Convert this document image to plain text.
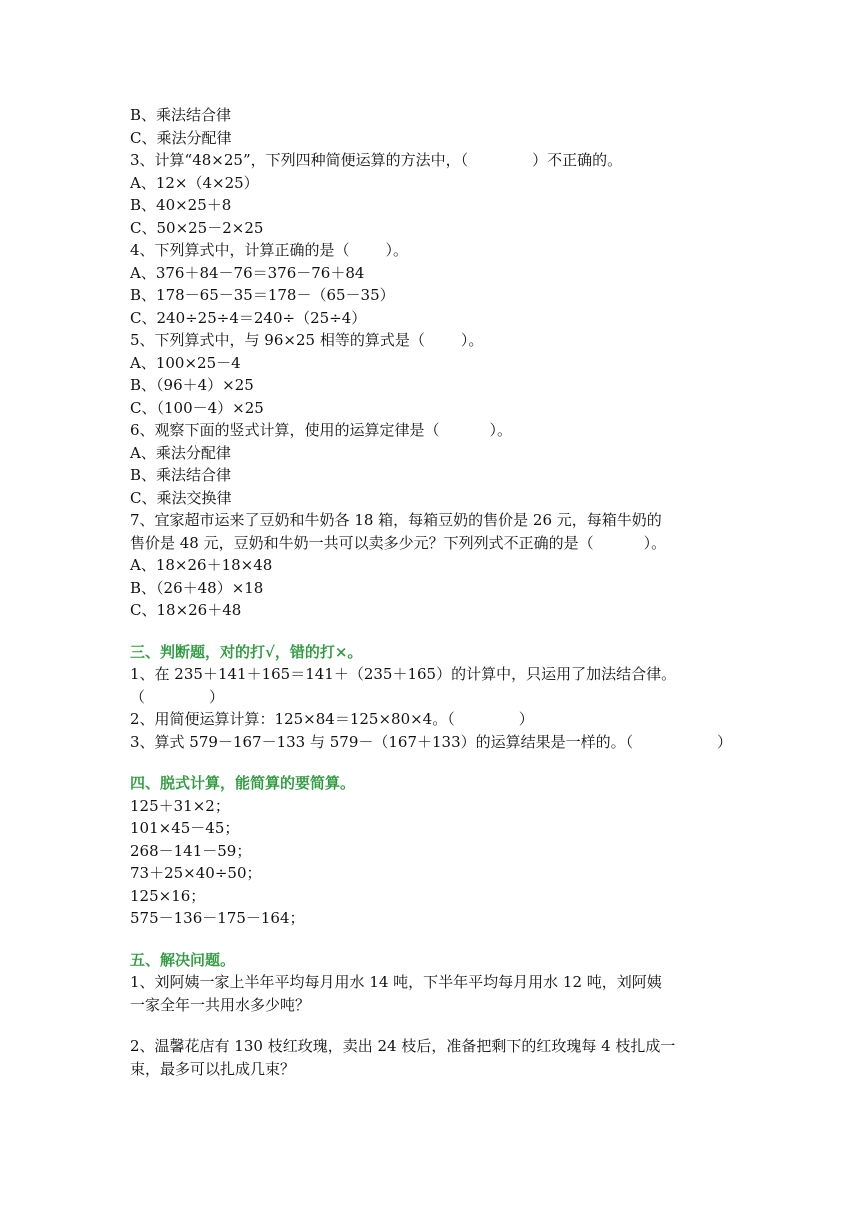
B、乘法结合律
C、乘法分配律
3、计算“48×25”，下列四种简便运算的方法中，（	）不正确的。
A、12×（4×25）
B、40×25＋8
C、50×25－2×25
4、下列算式中，计算正确的是（ ）。
A、376＋84－76＝376－76＋84
B、178－65－35＝178－（65－35）
C、240÷25÷4＝240÷（25÷4）
5、下列算式中，与 96×25 相等的算式是（ ）。
A、100×25－4
B、（96＋4）×25
C、（100－4）×25
6、观察下面的竖式计算，使用的运算定律是（	）。
A、乘法分配律
B、乘法结合律
C、乘法交换律
7、宜家超市运来了豆奶和牛奶各 18 箱，每箱豆奶的售价是 26 元，每箱牛奶的
售价是 48 元，豆奶和牛奶一共可以卖多少元？下列列式不正确的是（	）。
A、18×26＋18×48
B、（26＋48）×18
C、18×26＋48
三、判断题，对的打√，错的打×。
1、在 235＋141＋165＝141＋（235＋165）的计算中，只运用了加法结合律。
（	）
2、用简便运算计算：125×84＝125×80×4。（	）
3、算式 579－167－133 与 579－（167＋133）的运算结果是一样的。（	）
四、脱式计算，能简算的要简算。
125＋31×2；
101×45－45；
268－141－59；
73＋25×40÷50；
125×16；
575－136－175－164；
五、解决问题。
1、刘阿姨一家上半年平均每月用水 14 吨，下半年平均每月用水 12 吨，刘阿姨
一家全年一共用水多少吨？
2、温馨花店有 130 枝红玫瑰，卖出 24 枝后，准备把剩下的红玫瑰每 4 枝扎成一
束，最多可以扎成几束？
